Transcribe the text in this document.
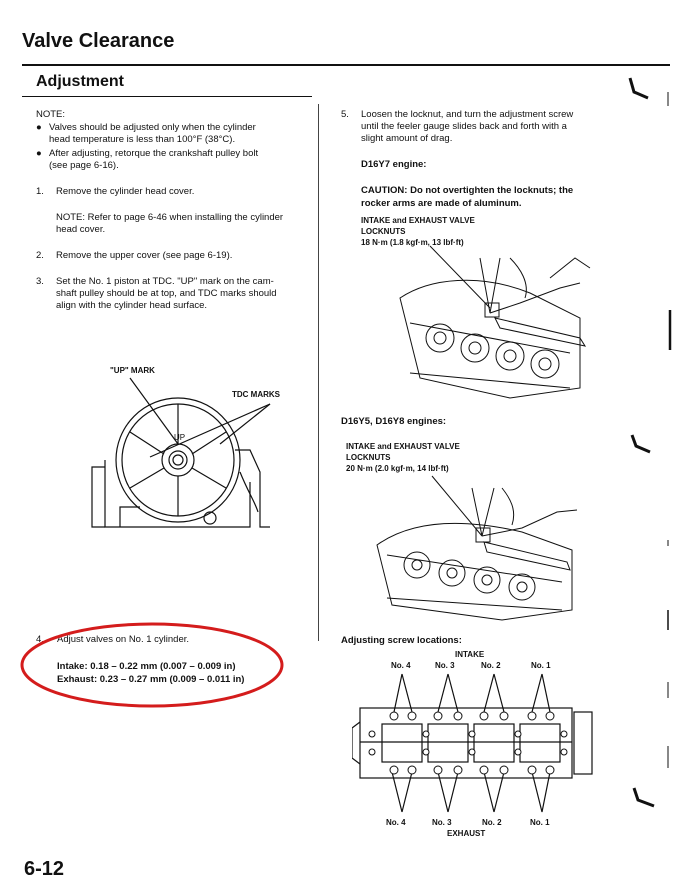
Valve Clearance
Adjustment
NOTE:
● Valves should be adjusted only when the cylinder
head temperature is less than 100°F (38°C).
● After adjusting, retorque the crankshaft pulley bolt
(see page 6-16).
1. Remove the cylinder head cover.
NOTE: Refer to page 6-46 when installing the cylinder
head cover.
2. Remove the upper cover (see page 6-19).
3. Set the No. 1 piston at TDC. "UP" mark on the cam-
shaft pulley should be at top, and TDC marks should
align with the cylinder head surface.
"UP" MARK
TDC MARKS
UP
4. Adjust valves on No. 1 cylinder.
Intake: 0.18 – 0.22 mm (0.007 – 0.009 in)
Exhaust: 0.23 – 0.27 mm (0.009 – 0.011 in)
5. Loosen the locknut, and turn the adjustment screw
until the feeler gauge slides back and forth with a
slight amount of drag.
D16Y7 engine:
CAUTION: Do not overtighten the locknuts; the
rocker arms are made of aluminum.
INTAKE and EXHAUST VALVE
LOCKNUTS
18 N·m (1.8 kgf·m, 13 lbf·ft)
D16Y5, D16Y8 engines:
INTAKE and EXHAUST VALVE
LOCKNUTS
20 N·m (2.0 kgf·m, 14 lbf·ft)
Adjusting screw locations:
INTAKE
No. 4	No. 3	No. 2	No. 1
No. 4	No. 3	No. 2	No. 1
EXHAUST
6-12
